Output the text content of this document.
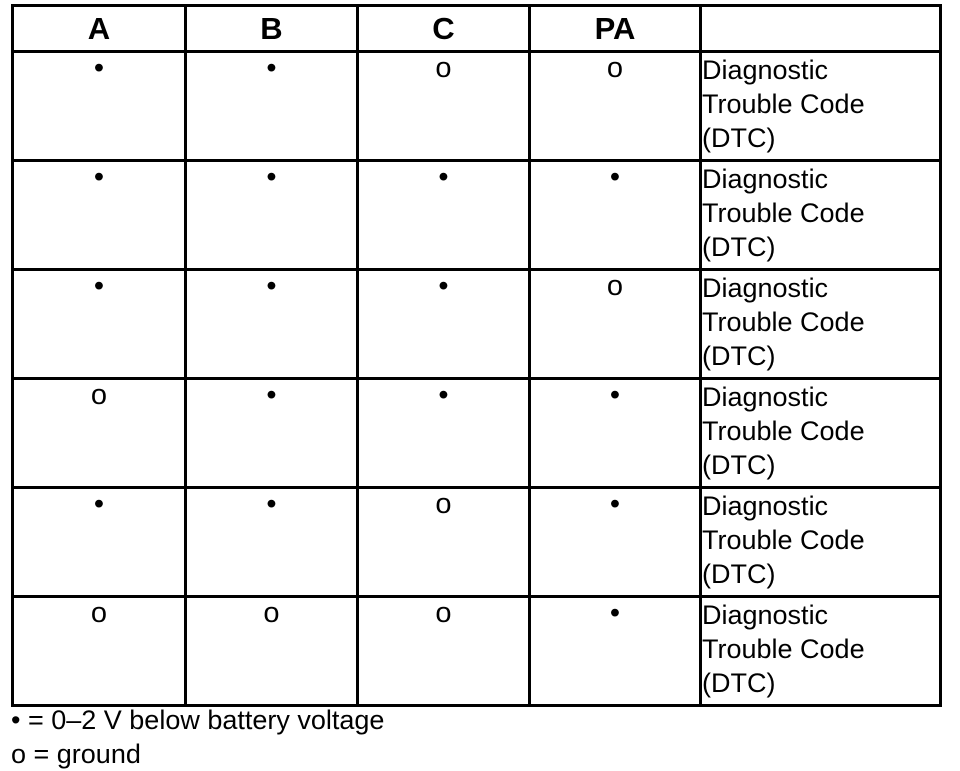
A	B	C	PA	
•	•	o	o	Diagnostic
Trouble Code
(DTC)
•	•	•	•	Diagnostic
Trouble Code
(DTC)
•	•	•	o	Diagnostic
Trouble Code
(DTC)
o	•	•	•	Diagnostic
Trouble Code
(DTC)
•	•	o	•	Diagnostic
Trouble Code
(DTC)
o	o	o	•	Diagnostic
Trouble Code
(DTC)
• = 0–2 V below battery voltage
o = ground
